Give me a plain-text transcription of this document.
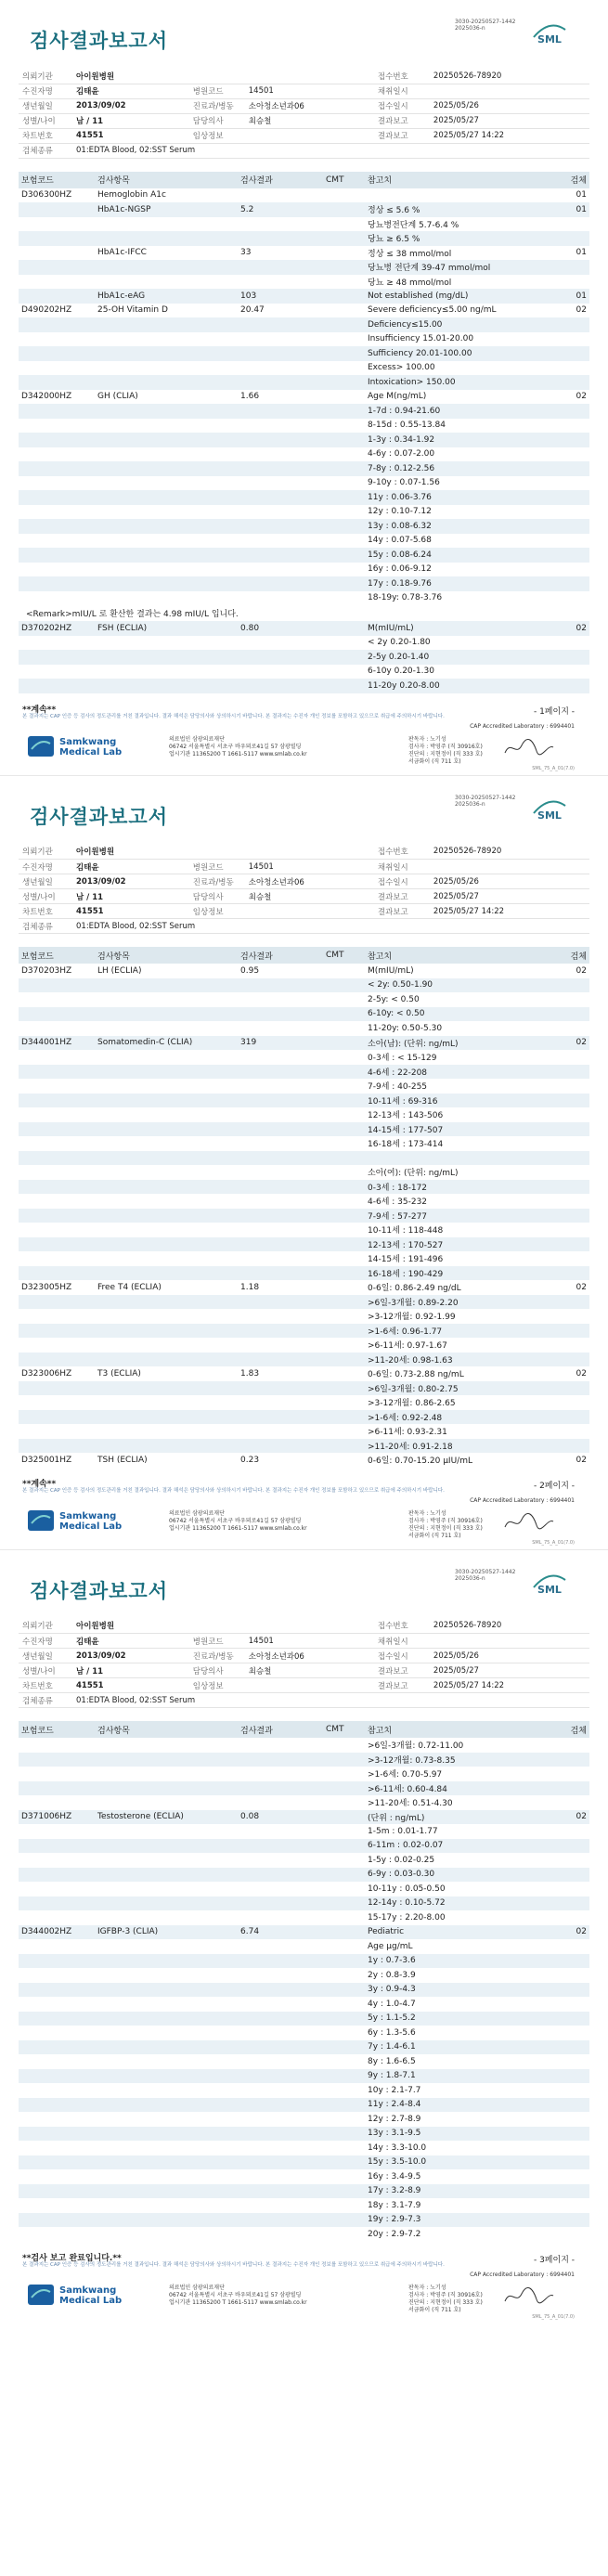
검사결과보고서
3030-20250527-1442
2025036-n
SML
의뢰기관	아이원병원			접수번호	20250526-78920
수진자명	김태윤	병원코드	14501	채취일시	
생년월일	2013/09/02	진료과/병동	소아청소년과06	접수일시	2025/05/26
성별/나이	남 / 11	담당의사	최승철	결과보고	2025/05/27
차트번호	41551	임상정보		결과보고	2025/05/27 14:22
검체종류	01:EDTA Blood, 02:SST Serum				
보험코드	검사항목	검사결과	CMT	참고치	검체
D306300HZ	Hemoglobin A1c				01
	HbA1c-NGSP	5.2		정상 ≤ 5.6 %	01
				당뇨병전단계 5.7-6.4 %	
				당뇨 ≥ 6.5 %	
	HbA1c-IFCC	33		정상 ≤ 38 mmol/mol	01
				당뇨병 전단계 39-47 mmol/mol	
				당뇨 ≥ 48 mmol/mol	
	HbA1c-eAG	103		Not established (mg/dL)	01
D490202HZ	25-OH Vitamin D	20.47		Severe deficiency≤5.00 ng/mL	02
				Deficiency≤15.00	
				Insufficiency 15.01-20.00	
				Sufficiency 20.01-100.00	
				Excess> 100.00	
				Intoxication> 150.00	
D342000HZ	GH (CLIA)	1.66		Age M(ng/mL)	02
				1-7d : 0.94-21.60	
				8-15d : 0.55-13.84	
				1-3y : 0.34-1.92	
				4-6y : 0.07-2.00	
				7-8y : 0.12-2.56	
				9-10y : 0.07-1.56	
				11y : 0.06-3.76	
				12y : 0.10-7.12	
				13y : 0.08-6.32	
				14y : 0.07-5.68	
				15y : 0.08-6.24	
				16y : 0.06-9.12	
				17y : 0.18-9.76	
				18-19y: 0.78-3.76	
<Remark>mIU/L 로 환산한 결과는 4.98 mIU/L 입니다.
D370202HZ	FSH (ECLIA)	0.80		M(mIU/mL)	02
				< 2y 0.20-1.80	
				2-5y 0.20-1.40	
				6-10y 0.20-1.30	
				11-20y 0.20-8.00	
**계속**	- 1페이지 -
본 결과지는 CAP 인증 등 검사의 정도관리를 거친 결과입니다. 결과 해석은 담당의사와 상의하시기 바랍니다. 본 결과지는 수진자 개인 정보를 포함하고 있으므로 취급에 주의하시기 바랍니다.
CAP Accredited Laboratory : 6994401
Samkwang
Medical Lab
의료법인 삼광의료재단
06742 서울특별시 서초구 바우뫼로41길 57 삼광빌딩
업시기관 11365200 T 1661-5117 www.smlab.co.kr
판독자 : 노기성
검사자 : 박영주 (직 30916호)
진단의 : 지현정이 (직 333 호)
서금화이 (직 711 호)
SML_75_A_01(7.0)
검사결과보고서
3030-20250527-1442
2025036-n
SML
의뢰기관	아이원병원			접수번호	20250526-78920
수진자명	김태윤	병원코드	14501	채취일시	
생년월일	2013/09/02	진료과/병동	소아청소년과06	접수일시	2025/05/26
성별/나이	남 / 11	담당의사	최승철	결과보고	2025/05/27
차트번호	41551	임상정보		결과보고	2025/05/27 14:22
검체종류	01:EDTA Blood, 02:SST Serum				
보험코드	검사항목	검사결과	CMT	참고치	검체
D370203HZ	LH (ECLIA)	0.95		M(mIU/mL)	02
				< 2y: 0.50-1.90	
				2-5y: < 0.50	
				6-10y: < 0.50	
				11-20y: 0.50-5.30	
D344001HZ	Somatomedin-C (CLIA)	319		소아(남): (단위: ng/mL)	02
				0-3세 : < 15-129	
				4-6세 : 22-208	
				7-9세 : 40-255	
				10-11세 : 69-316	
				12-13세 : 143-506	
				14-15세 : 177-507	
				16-18세 : 173-414	

				소아(여): (단위: ng/mL)	
				0-3세 : 18-172	
				4-6세 : 35-232	
				7-9세 : 57-277	
				10-11세 : 118-448	
				12-13세 : 170-527	
				14-15세 : 191-496	
				16-18세 : 190-429	
D323005HZ	Free T4 (ECLIA)	1.18		0-6일: 0.86-2.49 ng/dL	02
				>6일-3개월: 0.89-2.20	
				>3-12개월: 0.92-1.99	
				>1-6세: 0.96-1.77	
				>6-11세: 0.97-1.67	
				>11-20세: 0.98-1.63	
D323006HZ	T3 (ECLIA)	1.83		0-6일: 0.73-2.88 ng/mL	02
				>6일-3개월: 0.80-2.75	
				>3-12개월: 0.86-2.65	
				>1-6세: 0.92-2.48	
				>6-11세: 0.93-2.31	
				>11-20세: 0.91-2.18	
D325001HZ	TSH (ECLIA)	0.23		0-6일: 0.70-15.20 µIU/mL	02
**계속**	- 2페이지 -
본 결과지는 CAP 인증 등 검사의 정도관리를 거친 결과입니다. 결과 해석은 담당의사와 상의하시기 바랍니다. 본 결과지는 수진자 개인 정보를 포함하고 있으므로 취급에 주의하시기 바랍니다.
CAP Accredited Laboratory : 6994401
Samkwang
Medical Lab
의료법인 삼광의료재단
06742 서울특별시 서초구 바우뫼로41길 57 삼광빌딩
업시기관 11365200 T 1661-5117 www.smlab.co.kr
판독자 : 노기성
검사자 : 박영주 (직 30916호)
진단의 : 지현정이 (직 333 호)
서금화이 (직 711 호)
SML_75_A_01(7.0)
검사결과보고서
3030-20250527-1442
2025036-n
SML
의뢰기관	아이원병원			접수번호	20250526-78920
수진자명	김태윤	병원코드	14501	채취일시	
생년월일	2013/09/02	진료과/병동	소아청소년과06	접수일시	2025/05/26
성별/나이	남 / 11	담당의사	최승철	결과보고	2025/05/27
차트번호	41551	임상정보		결과보고	2025/05/27 14:22
검체종류	01:EDTA Blood, 02:SST Serum				
보험코드	검사항목	검사결과	CMT	참고치	검체
				>6일-3개월: 0.72-11.00	
				>3-12개월: 0.73-8.35	
				>1-6세: 0.70-5.97	
				>6-11세: 0.60-4.84	
				>11-20세: 0.51-4.30	
D371006HZ	Testosterone (ECLIA)	0.08		(단위 : ng/mL)	02
				1-5m : 0.01-1.77	
				6-11m : 0.02-0.07	
				1-5y : 0.02-0.25	
				6-9y : 0.03-0.30	
				10-11y : 0.05-0.50	
				12-14y : 0.10-5.72	
				15-17y : 2.20-8.00	
D344002HZ	IGFBP-3 (CLIA)	6.74		Pediatric	02
				Age µg/mL	
				1y : 0.7-3.6	
				2y : 0.8-3.9	
				3y : 0.9-4.3	
				4y : 1.0-4.7	
				5y : 1.1-5.2	
				6y : 1.3-5.6	
				7y : 1.4-6.1	
				8y : 1.6-6.5	
				9y : 1.8-7.1	
				10y : 2.1-7.7	
				11y : 2.4-8.4	
				12y : 2.7-8.9	
				13y : 3.1-9.5	
				14y : 3.3-10.0	
				15y : 3.5-10.0	
				16y : 3.4-9.5	
				17y : 3.2-8.9	
				18y : 3.1-7.9	
				19y : 2.9-7.3	
				20y : 2.9-7.2	
**검사 보고 완료입니다.**	- 3페이지 -
본 결과지는 CAP 인증 등 검사의 정도관리를 거친 결과입니다. 결과 해석은 담당의사와 상의하시기 바랍니다. 본 결과지는 수진자 개인 정보를 포함하고 있으므로 취급에 주의하시기 바랍니다.
CAP Accredited Laboratory : 6994401
Samkwang
Medical Lab
의료법인 삼광의료재단
06742 서울특별시 서초구 바우뫼로41길 57 삼광빌딩
업시기관 11365200 T 1661-5117 www.smlab.co.kr
판독자 : 노기성
검사자 : 박영주 (직 30916호)
진단의 : 지현정이 (직 333 호)
서금화이 (직 711 호)
SML_75_A_01(7.0)
